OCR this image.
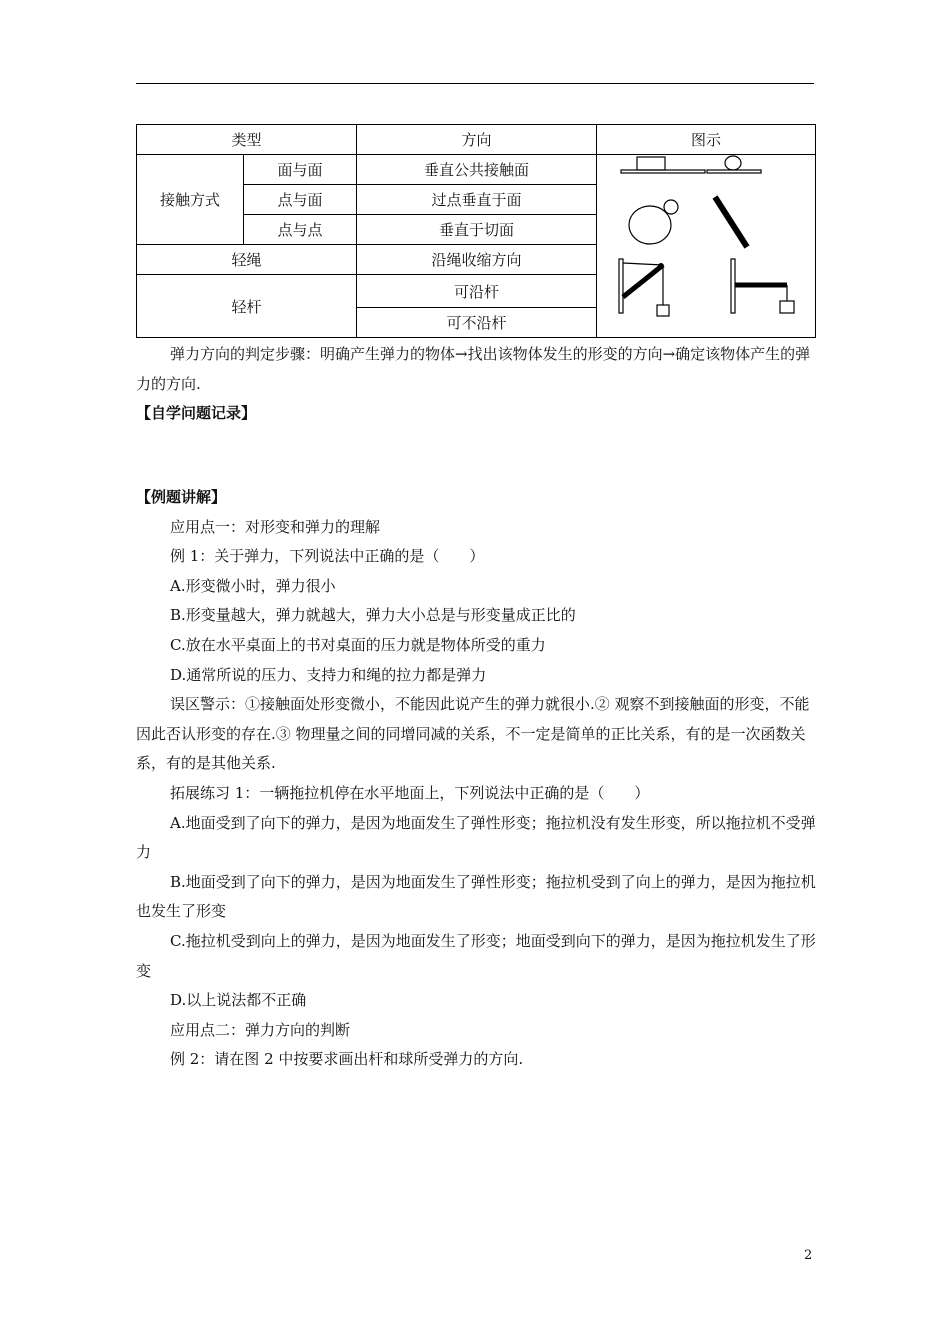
类型		方向	图示
接触方式	面与面	垂直公共接触面	

	点与面	过点垂直于面	
	点与点	垂直于切面	
轻绳		沿绳收缩方向	
轻杆		可沿杆	
		可不沿杆	

弹力方向的判定步骤：明确产生弹力的物体→找出该物体发生的形变的方向→确定该物体产生的弹力的方向.

【自学问题记录】

【例题讲解】

应用点一：对形变和弹力的理解

例 1：关于弹力，下列说法中正确的是（　　）

A.形变微小时，弹力很小

B.形变量越大，弹力就越大，弹力大小总是与形变量成正比的

C.放在水平桌面上的书对桌面的压力就是物体所受的重力

D.通常所说的压力、支持力和绳的拉力都是弹力

误区警示：①接触面处形变微小，不能因此说产生的弹力就很小.② 观察不到接触面的形变，不能因此否认形变的存在.③ 物理量之间的同增同减的关系，不一定是简单的正比关系，有的是一次函数关系，有的是其他关系.

拓展练习 1：一辆拖拉机停在水平地面上，下列说法中正确的是（　　）

A.地面受到了向下的弹力，是因为地面发生了弹性形变；拖拉机没有发生形变，所以拖拉机不受弹力

B.地面受到了向下的弹力，是因为地面发生了弹性形变；拖拉机受到了向上的弹力，是因为拖拉机也发生了形变

C.拖拉机受到向上的弹力，是因为地面发生了形变；地面受到向下的弹力，是因为拖拉机发生了形变

D.以上说法都不正确

应用点二：弹力方向的判断

例 2：请在图 2 中按要求画出杆和球所受弹力的方向.

2
